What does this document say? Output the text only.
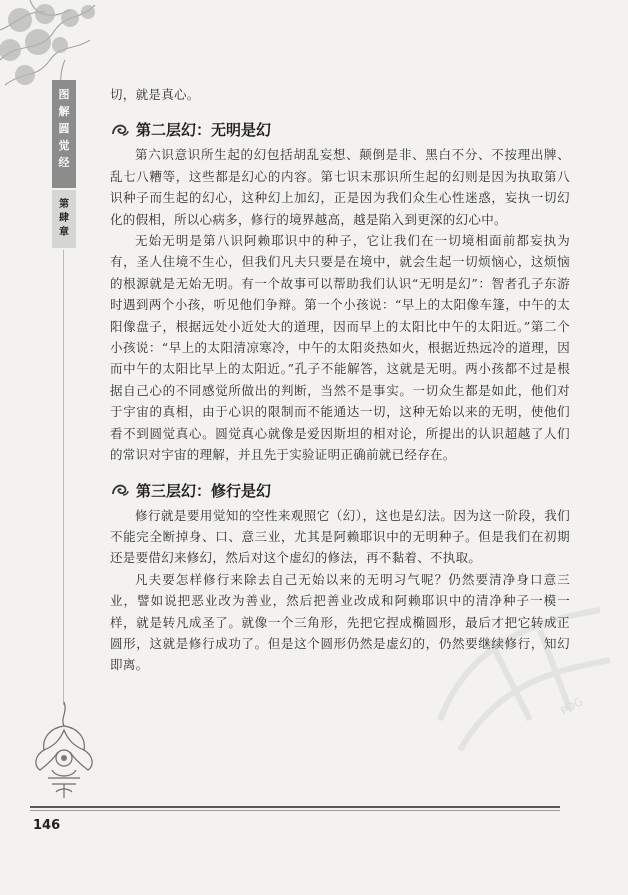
图
解
圆
觉
经
第
肆
章
PDG

切，就是真心。

第二层幻：无明是幻

第六识意识所生起的幻包括胡乱妄想、颠倒是非、黑白不分、不按理出牌、乱七八糟等，这些都是幻心的内容。第七识末那识所生起的幻则是因为执取第八识种子而生起的幻心，这种幻上加幻，正是因为我们众生心性迷惑，妄执一切幻化的假相，所以心病多，修行的境界越高，越是陷入到更深的幻心中。

无始无明是第八识阿赖耶识中的种子，它让我们在一切境相面前都妄执为有，圣人住境不生心，但我们凡夫只要是在境中，就会生起一切烦恼心，这烦恼的根源就是无始无明。有一个故事可以帮助我们认识“无明是幻”：智者孔子东游时遇到两个小孩，听见他们争辩。第一个小孩说：“早上的太阳像车篷，中午的太阳像盘子，根据远处小近处大的道理，因而早上的太阳比中午的太阳近。”第二个小孩说：“早上的太阳清凉寒冷，中午的太阳炎热如火，根据近热远冷的道理，因而中午的太阳比早上的太阳近。”孔子不能解答，这就是无明。两小孩都不过是根据自己心的不同感觉所做出的判断，当然不是事实。一切众生都是如此，他们对于宇宙的真相，由于心识的限制而不能通达一切，这种无始以来的无明，使他们看不到圆觉真心。圆觉真心就像是爱因斯坦的相对论，所提出的认识超越了人们的常识对宇宙的理解，并且先于实验证明正确前就已经存在。

第三层幻：修行是幻

修行就是要用觉知的空性来观照它（幻），这也是幻法。因为这一阶段，我们不能完全断掉身、口、意三业，尤其是阿赖耶识中的无明种子。但是我们在初期还是要借幻来修幻，然后对这个虚幻的修法，再不黏着、不执取。

凡夫要怎样修行来除去自己无始以来的无明习气呢？仍然要清净身口意三业，譬如说把恶业改为善业，然后把善业改成和阿赖耶识中的清净种子一模一样，就是转凡成圣了。就像一个三角形，先把它捏成椭圆形，最后才把它转成正圆形，这就是修行成功了。但是这个圆形仍然是虚幻的，仍然要继续修行，知幻即离。

146
